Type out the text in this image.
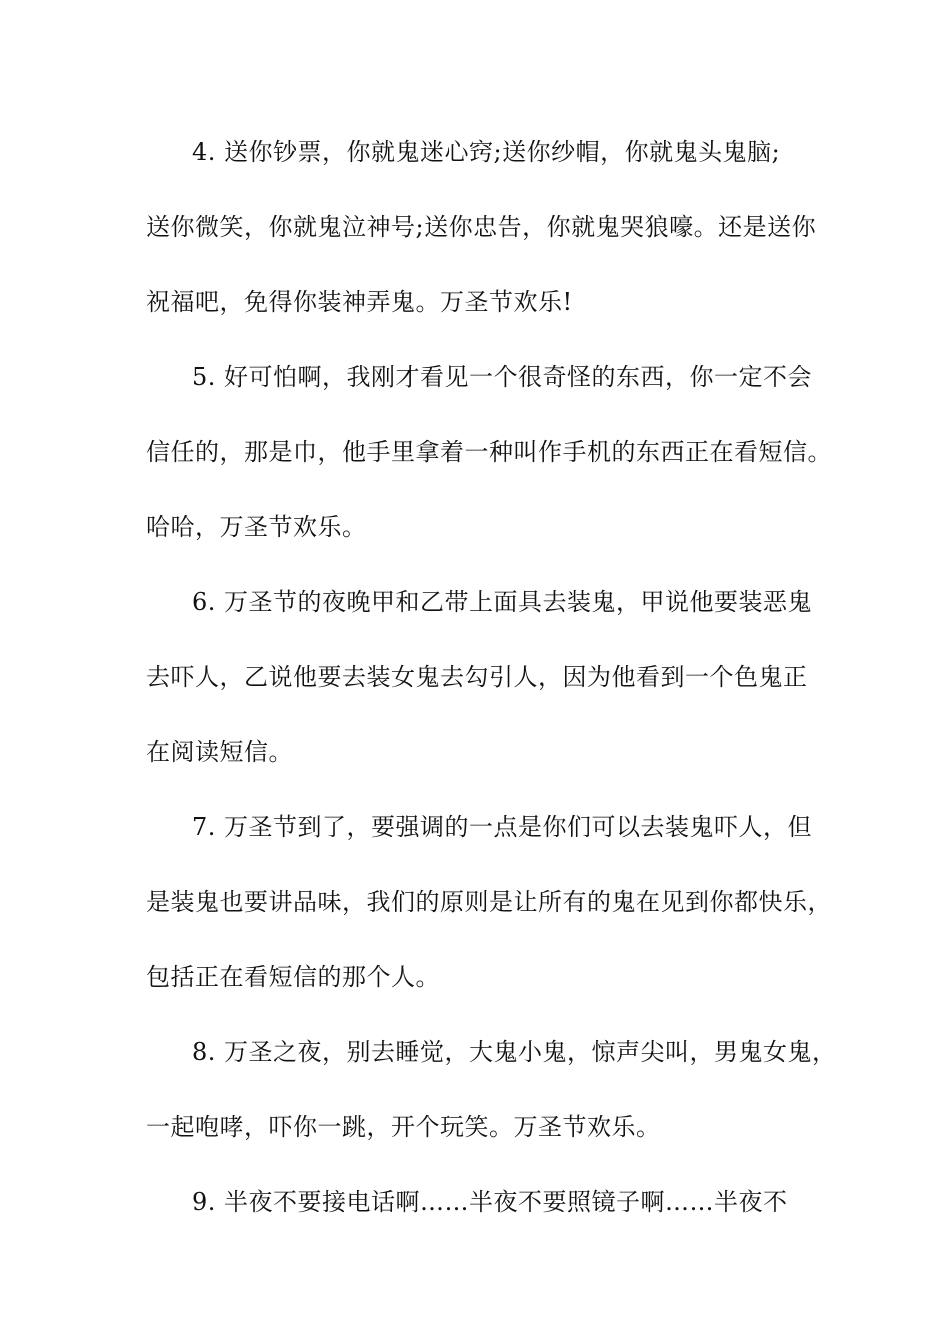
4. 送你钞票，你就鬼迷心窍;送你纱帽，你就鬼头鬼脑;
送你微笑，你就鬼泣神号;送你忠告，你就鬼哭狼嚎。还是送你
祝福吧，免得你装神弄鬼。万圣节欢乐!
5. 好可怕啊，我刚才看见一个很奇怪的东西，你一定不会
信任的，那是巾，他手里拿着一种叫作手机的东西正在看短信。
哈哈，万圣节欢乐。
6. 万圣节的夜晚甲和乙带上面具去装鬼，甲说他要装恶鬼
去吓人，乙说他要去装女鬼去勾引人，因为他看到一个色鬼正
在阅读短信。
7. 万圣节到了，要强调的一点是你们可以去装鬼吓人，但
是装鬼也要讲品味，我们的原则是让所有的鬼在见到你都快乐，
包括正在看短信的那个人。
8. 万圣之夜，别去睡觉，大鬼小鬼，惊声尖叫，男鬼女鬼，
一起咆哮，吓你一跳，开个玩笑。万圣节欢乐。
9. 半夜不要接电话啊……半夜不要照镜子啊……半夜不
